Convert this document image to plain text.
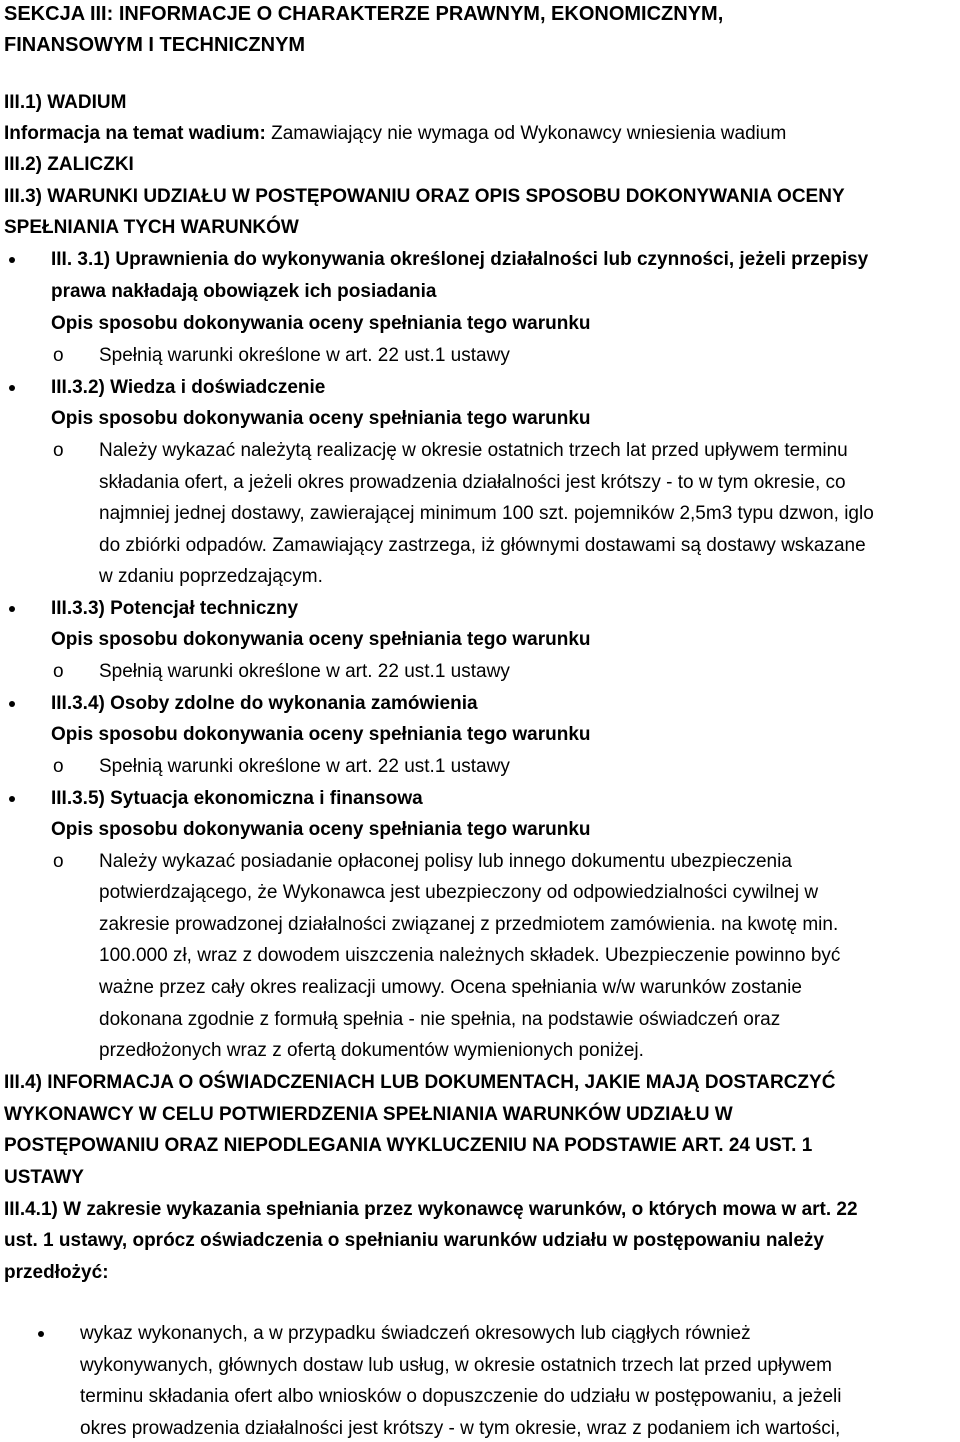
SEKCJA III: INFORMACJE O CHARAKTERZE PRAWNYM, EKONOMICZNYM,
FINANSOWYM I TECHNICZNYM
III.1) WADIUM
Informacja na temat wadium: Zamawiający nie wymaga od Wykonawcy wniesienia wadium
III.2) ZALICZKI
III.3) WARUNKI UDZIAŁU W POSTĘPOWANIU ORAZ OPIS SPOSOBU DOKONYWANIA OCENY
SPEŁNIANIA TYCH WARUNKÓW
III. 3.1) Uprawnienia do wykonywania określonej działalności lub czynności, jeżeli przepisy
prawa nakładają obowiązek ich posiadania
Opis sposobu dokonywania oceny spełniania tego warunku
o Spełnią warunki określone w art. 22 ust.1 ustawy
III.3.2) Wiedza i doświadczenie
Opis sposobu dokonywania oceny spełniania tego warunku
o Należy wykazać należytą realizację w okresie ostatnich trzech lat przed upływem terminu
składania ofert, a jeżeli okres prowadzenia działalności jest krótszy - to w tym okresie, co
najmniej jednej dostawy, zawierającej minimum 100 szt. pojemników 2,5m3 typu dzwon, iglo
do zbiórki odpadów. Zamawiający zastrzega, iż głównymi dostawami są dostawy wskazane
w zdaniu poprzedzającym.
III.3.3) Potencjał techniczny
Opis sposobu dokonywania oceny spełniania tego warunku
o Spełnią warunki określone w art. 22 ust.1 ustawy
III.3.4) Osoby zdolne do wykonania zamówienia
Opis sposobu dokonywania oceny spełniania tego warunku
o Spełnią warunki określone w art. 22 ust.1 ustawy
III.3.5) Sytuacja ekonomiczna i finansowa
Opis sposobu dokonywania oceny spełniania tego warunku
o Należy wykazać posiadanie opłaconej polisy lub innego dokumentu ubezpieczenia
potwierdzającego, że Wykonawca jest ubezpieczony od odpowiedzialności cywilnej w
zakresie prowadzonej działalności związanej z przedmiotem zamówienia. na kwotę min.
100.000 zł, wraz z dowodem uiszczenia należnych składek. Ubezpieczenie powinno być
ważne przez cały okres realizacji umowy. Ocena spełniania w/w warunków zostanie
dokonana zgodnie z formułą spełnia - nie spełnia, na podstawie oświadczeń oraz
przedłożonych wraz z ofertą dokumentów wymienionych poniżej.
III.4) INFORMACJA O OŚWIADCZENIACH LUB DOKUMENTACH, JAKIE MAJĄ DOSTARCZYĆ
WYKONAWCY W CELU POTWIERDZENIA SPEŁNIANIA WARUNKÓW UDZIAŁU W
POSTĘPOWANIU ORAZ NIEPODLEGANIA WYKLUCZENIU NA PODSTAWIE ART. 24 UST. 1
USTAWY
III.4.1) W zakresie wykazania spełniania przez wykonawcę warunków, o których mowa w art. 22
ust. 1 ustawy, oprócz oświadczenia o spełnianiu warunków udziału w postępowaniu należy
przedłożyć:
wykaz wykonanych, a w przypadku świadczeń okresowych lub ciągłych również
wykonywanych, głównych dostaw lub usług, w okresie ostatnich trzech lat przed upływem
terminu składania ofert albo wniosków o dopuszczenie do udziału w postępowaniu, a jeżeli
okres prowadzenia działalności jest krótszy - w tym okresie, wraz z podaniem ich wartości,
